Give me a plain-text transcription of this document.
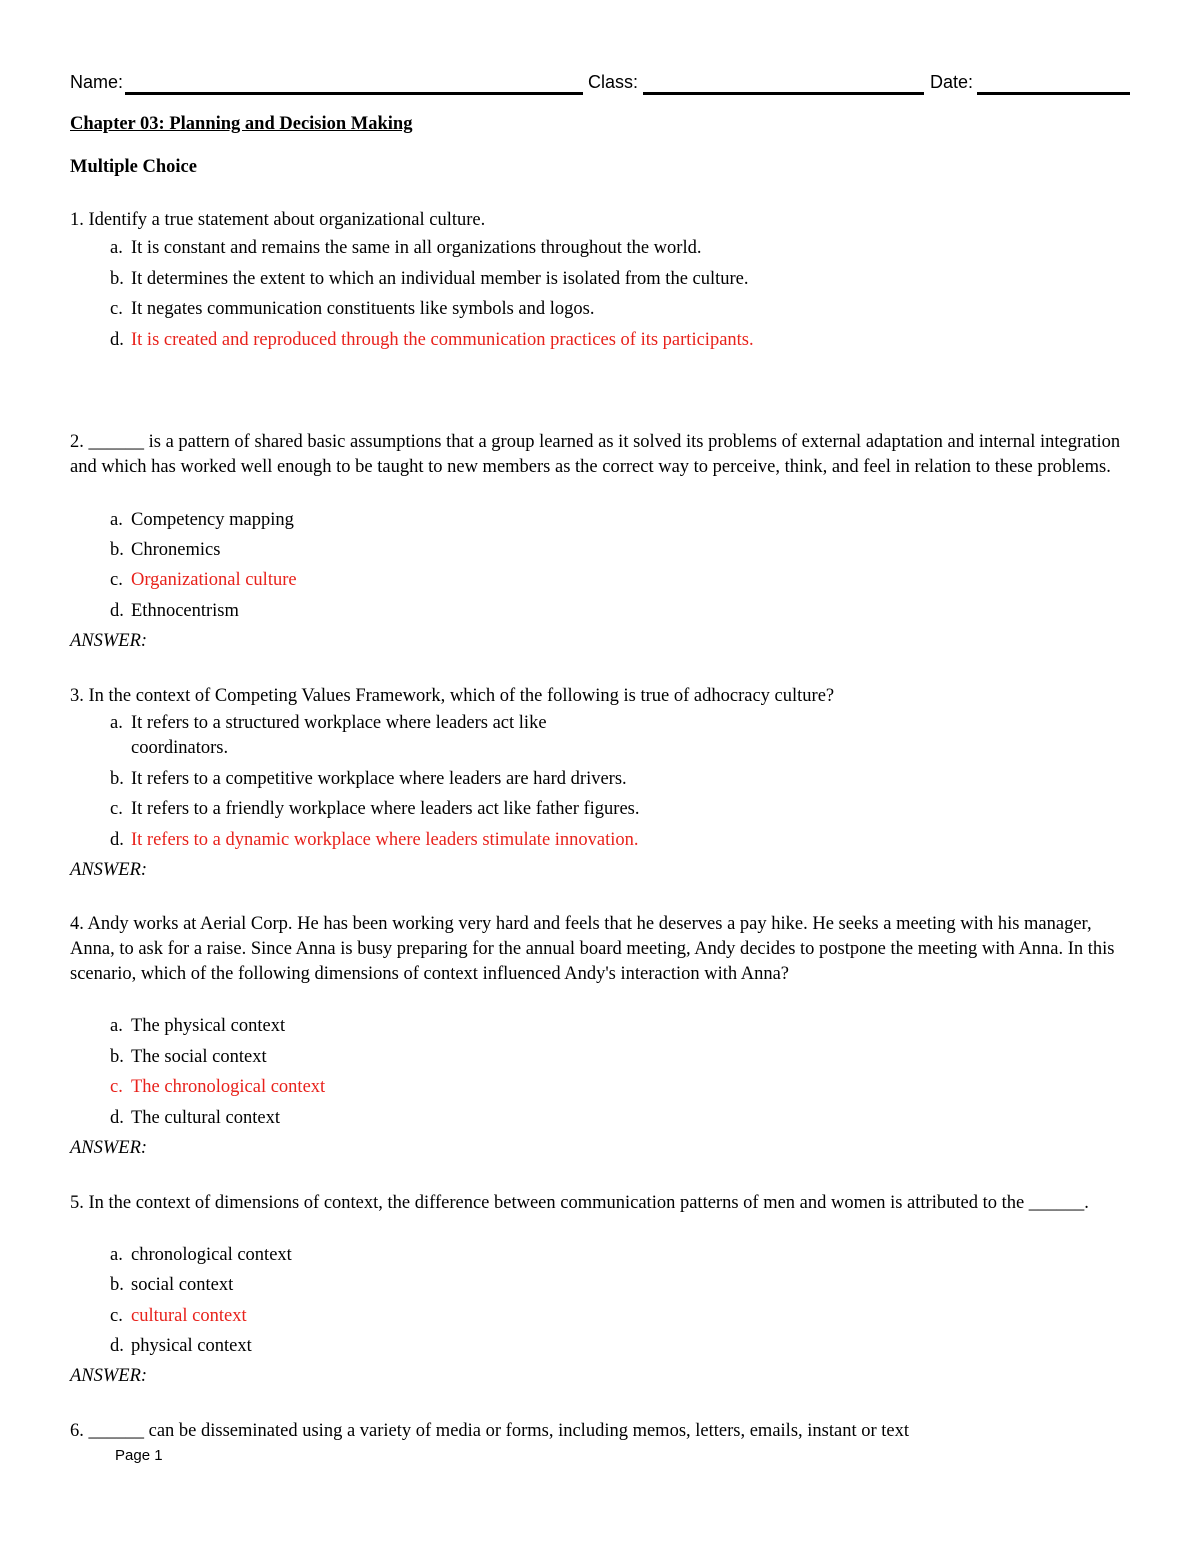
Name:	Class:	Date:
Chapter 03: Planning and Decision Making
Multiple Choice
1. Identify a true statement about organizational culture.
a. It is constant and remains the same in all organizations throughout the world.
b. It determines the extent to which an individual member is isolated from the culture.
c. It negates communication constituents like symbols and logos.
d. It is created and reproduced through the communication practices of its participants.
2. ______ is a pattern of shared basic assumptions that a group learned as it solved its problems of external adaptation and internal integration and which has worked well enough to be taught to new members as the correct way to perceive, think, and feel in relation to these problems.
a. Competency mapping
b. Chronemics
c. Organizational culture
d. Ethnocentrism
ANSWER:
3. In the context of Competing Values Framework, which of the following is true of adhocracy culture?
a. It refers to a structured workplace where leaders act like coordinators.
b. It refers to a competitive workplace where leaders are hard drivers.
c. It refers to a friendly workplace where leaders act like father figures.
d. It refers to a dynamic workplace where leaders stimulate innovation.
ANSWER:
4. Andy works at Aerial Corp. He has been working very hard and feels that he deserves a pay hike. He seeks a meeting with his manager, Anna, to ask for a raise. Since Anna is busy preparing for the annual board meeting, Andy decides to postpone the meeting with Anna. In this scenario, which of the following dimensions of context influenced Andy's interaction with Anna?
a. The physical context
b. The social context
c. The chronological context
d. The cultural context
ANSWER:
5. In the context of dimensions of context, the difference between communication patterns of men and women is attributed to the ______.
a. chronological context
b. social context
c. cultural context
d. physical context
ANSWER:
6. ______ can be disseminated using a variety of media or forms, including memos, letters, emails, instant or text
Page 1
